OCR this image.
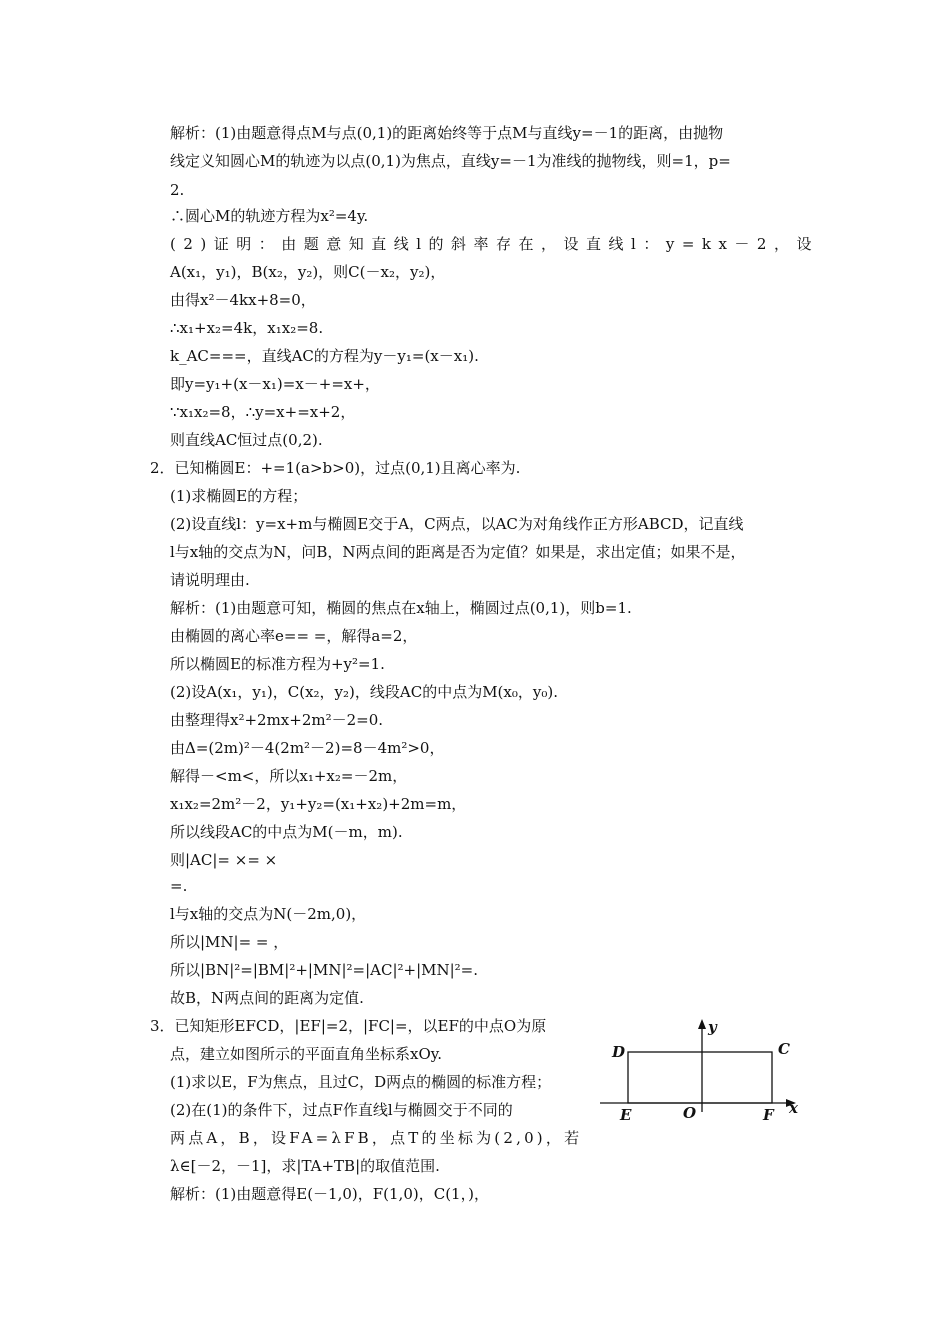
解析：(1)由题意得点M与点(0,1)的距离始终等于点M与直线y=－1的距离，由抛物
线定义知圆心M的轨迹为以点(0,1)为焦点，直线y=－1为准线的抛物线，则=1，p=
2.
∴圆心M的轨迹方程为x²=4y.
(2)证明：由题意知直线l的斜率存在，设直线l：y=kx－2，设
A(x₁，y₁)，B(x₂，y₂)，则C(－x₂，y₂)，
由得x²－4kx+8=0，
∴x₁+x₂=4k，x₁x₂=8.
k_AC===，直线AC的方程为y－y₁=(x－x₁).
即y=y₁+(x－x₁)=x－+=x+，
∵x₁x₂=8，∴y=x+=x+2，
则直线AC恒过点(0,2).
2．已知椭圆E：+=1(a>b>0)，过点(0,1)且离心率为.
(1)求椭圆E的方程；
(2)设直线l：y=x+m与椭圆E交于A，C两点，以AC为对角线作正方形ABCD，记直线
l与x轴的交点为N，问B，N两点间的距离是否为定值？如果是，求出定值；如果不是，
请说明理由.
解析：(1)由题意可知，椭圆的焦点在x轴上，椭圆过点(0,1)，则b=1.
由椭圆的离心率e== =，解得a=2，
所以椭圆E的标准方程为+y²=1.
(2)设A(x₁，y₁)，C(x₂，y₂)，线段AC的中点为M(x₀，y₀).
由整理得x²+2mx+2m²－2=0.
由Δ=(2m)²－4(2m²－2)=8－4m²>0，
解得－<m<，所以x₁+x₂=－2m，
x₁x₂=2m²－2，y₁+y₂=(x₁+x₂)+2m=m，
所以线段AC的中点为M(－m，m).
则|AC|= ×= ×
=.
l与x轴的交点为N(－2m,0)，
所以|MN|= = ，
所以|BN|²=|BM|²+|MN|²=|AC|²+|MN|²=.
故B，N两点间的距离为定值.
3．已知矩形EFCD，|EF|=2，|FC|=，以EF的中点O为原
点，建立如图所示的平面直角坐标系xOy.
(1)求以E，F为焦点，且过C，D两点的椭圆的标准方程；
(2)在(1)的条件下，过点F作直线l与椭圆交于不同的
两点A，B，设FA=λFB，点T的坐标为(2,0)，若
λ∈[－2，－1]，求|TA+TB|的取值范围.
解析：(1)由题意得E(－1,0)，F(1,0)，C(1，)，
y
x
D	C
E	O	F
